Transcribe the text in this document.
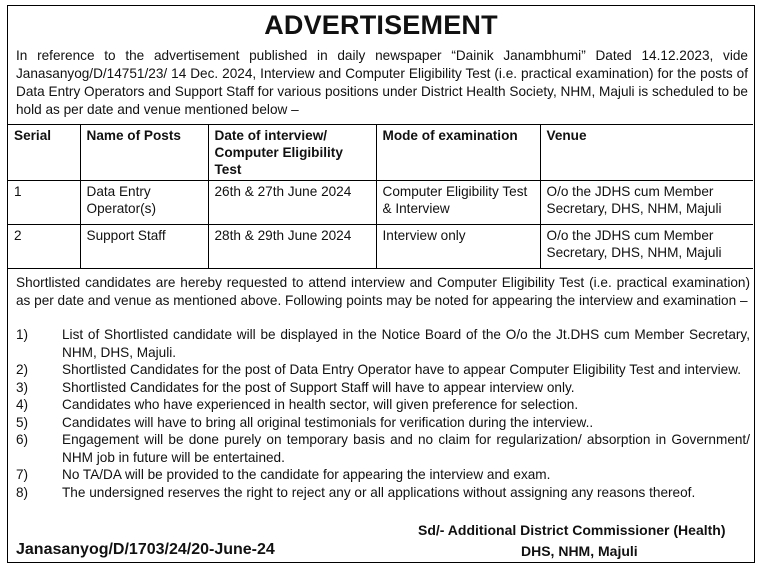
ADVERTISEMENT

In reference to the advertisement published in daily newspaper “Dainik Janambhumi” Dated 14.12.2023, vide Janasanyog/D/14751/23/ 14 Dec. 2024, Interview and Computer Eligibility Test (i.e. practical examination) for the posts of Data Entry Operators and Support Staff for various positions under District Health Society, NHM, Majuli is scheduled to be hold as per date and venue mentioned below –

Serial	Name of Posts	Date of interview/ Computer Eligibility Test	Mode of examination	Venue
1	Data Entry Operator(s)	26th & 27th June 2024	Computer Eligibility Test & Interview	O/o the JDHS cum Member Secretary, DHS, NHM, Majuli
2	Support Staff	28th & 29th June 2024	Interview only	O/o the JDHS cum Member Secretary, DHS, NHM, Majuli

Shortlisted candidates are hereby requested to attend interview and Computer Eligibility Test (i.e. practical examination) as per date and venue as mentioned above. Following points may be noted for appearing the interview and examination –

1)	List of Shortlisted candidate will be displayed in the Notice Board of the O/o the Jt.DHS cum Member Secretary, NHM, DHS, Majuli.
2)	Shortlisted Candidates for the post of Data Entry Operator have to appear Computer Eligibility Test and interview.
3)	Shortlisted Candidates for the post of Support Staff will have to appear interview only.
4)	Candidates who have experienced in health sector, will given preference for selection.
5)	Candidates will have to bring all original testimonials for verification during the interview..
6)	Engagement will be done purely on temporary basis and no claim for regularization/ absorption in Government/ NHM job in future will be entertained.
7)	No TA/DA will be provided to the candidate for appearing the interview and exam.
8)	The undersigned reserves the right to reject any or all applications without assigning any reasons thereof.

Sd/- Additional District Commissioner (Health)

Janasanyog/D/1703/24/20-June-24	DHS, NHM, Majuli
